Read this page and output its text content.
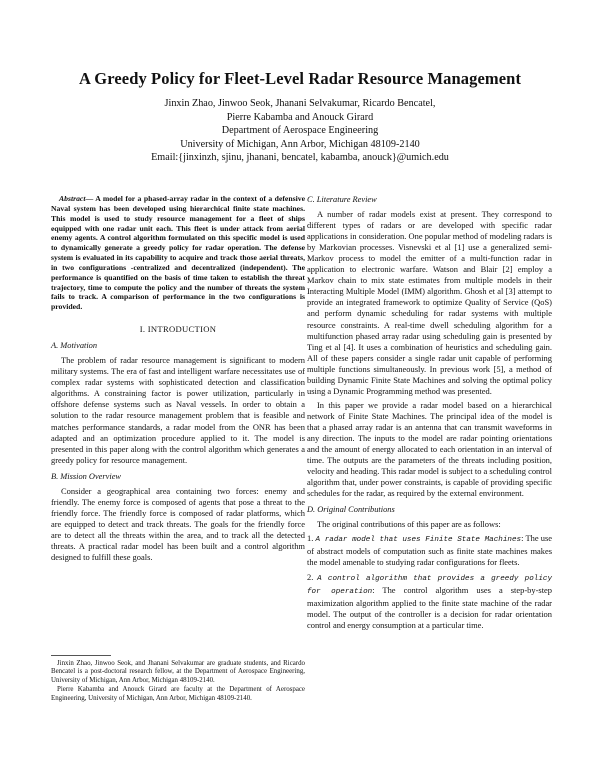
A Greedy Policy for Fleet-Level Radar Resource Management
Jinxin Zhao, Jinwoo Seok, Jhanani Selvakumar, Ricardo Bencatel,
Pierre Kabamba and Anouck Girard
Department of Aerospace Engineering
University of Michigan, Ann Arbor, Michigan 48109-2140
Email:{jinxinzh, sjinu, jhanani, bencatel, kabamba, anouck}@umich.edu

Abstract— A model for a phased-array radar in the context of a defensive Naval system has been developed using hierarchical finite state machines. This model is used to study resource management for a fleet of ships equipped with one radar unit each. This fleet is under attack from aerial enemy agents. A control algorithm formulated on this specific model is used to dynamically generate a greedy policy for radar operation. The defense system is evaluated in its capability to acquire and track those aerial threats, in two configurations -centralized and decentralized (independent). The performance is quantified on the basis of time taken to establish the threat trajectory, time to compute the policy and the number of threats the system fails to track. A comparison of performance in the two configurations is provided.

I. INTRODUCTION
A. Motivation

The problem of radar resource management is significant to modern military systems. The era of fast and intelligent warfare necessitates use of complex radar systems with sophisticated detection and classification algorithms. A constraining factor is power utilization, particularly in offshore defense systems such as Naval vessels. In order to obtain a solution to the radar resource management problem that is feasible and matches performance standards, a radar model from the ONR has been adapted and an optimization procedure applied to it. The model is presented in this paper along with the control algorithm which generates a greedy policy for resource management.

B. Mission Overview

Consider a geographical area containing two forces: enemy and friendly. The enemy force is composed of agents that pose a threat to the friendly force. The friendly force is composed of radar platforms, which are equipped to detect and track threats. The goals for the friendly force are to detect all the threats within the area, and to track all the detected threats. A practical radar model has been built and a control algorithm designed to fulfill these goals.

Jinxin Zhao, Jinwoo Seok, and Jhanani Selvakumar are graduate students, and Ricardo Bencatel is a post-doctoral research fellow, at the Department of Aerospace Engineering, University of Michigan, Ann Arbor, Michigan 48109-2140.

Pierre Kabamba and Anouck Girard are faculty at the Department of Aerospace Engineering, University of Michigan, Ann Arbor, Michigan 48109-2140.

C. Literature Review

A number of radar models exist at present. They correspond to different types of radars or are developed with specific radar applications in consideration. One popular method of modeling radars is by Markovian processes. Visnevski et al [1] use a generalized semi-Markov process to model the emitter of a multi-function radar in application to electronic warfare. Watson and Blair [2] employ a Markov chain to mix state estimates from multiple models in their Interacting Multiple Model (IMM) algorithm. Ghosh et al [3] attempt to provide an integrated framework to optimize Quality of Service (QoS) and perform dynamic scheduling for radar systems with multiple resource constraints. A real-time dwell scheduling algorithm for a multifunction phased array radar using scheduling gain is presented by Ting et al [4]. It uses a combination of heuristics and scheduling gain. All of these papers consider a single radar unit capable of performing multiple functions simultaneously. In previous work [5], a method of building Dynamic Finite State Machines and solving the optimal policy using a Dynamic Programming method was presented.

In this paper we provide a radar model based on a hierarchical network of Finite State Machines. The principal idea of the model is that a phased array radar is an antenna that can transmit waveforms in any direction. The inputs to the model are radar pointing orientations and the amount of energy allocated to each orientation in an interval of time. The outputs are the parameters of the threats including position, velocity and heading. This radar model is subject to a scheduling control algorithm that, under power constraints, is capable of providing specific schedules for the radar, as required by the external environment.

D. Original Contributions

The original contributions of this paper are as follows:

1. A radar model that uses Finite State Machines: The use of abstract models of computation such as finite state machines makes the model amenable to studying radar configurations for fleets.

2. A control algorithm that provides a greedy policy for operation: The control algorithm uses a step-by-step maximization algorithm applied to the finite state machine of the radar model. The output of the controller is a decision for radar orientation control and energy consumption at a particular time.
